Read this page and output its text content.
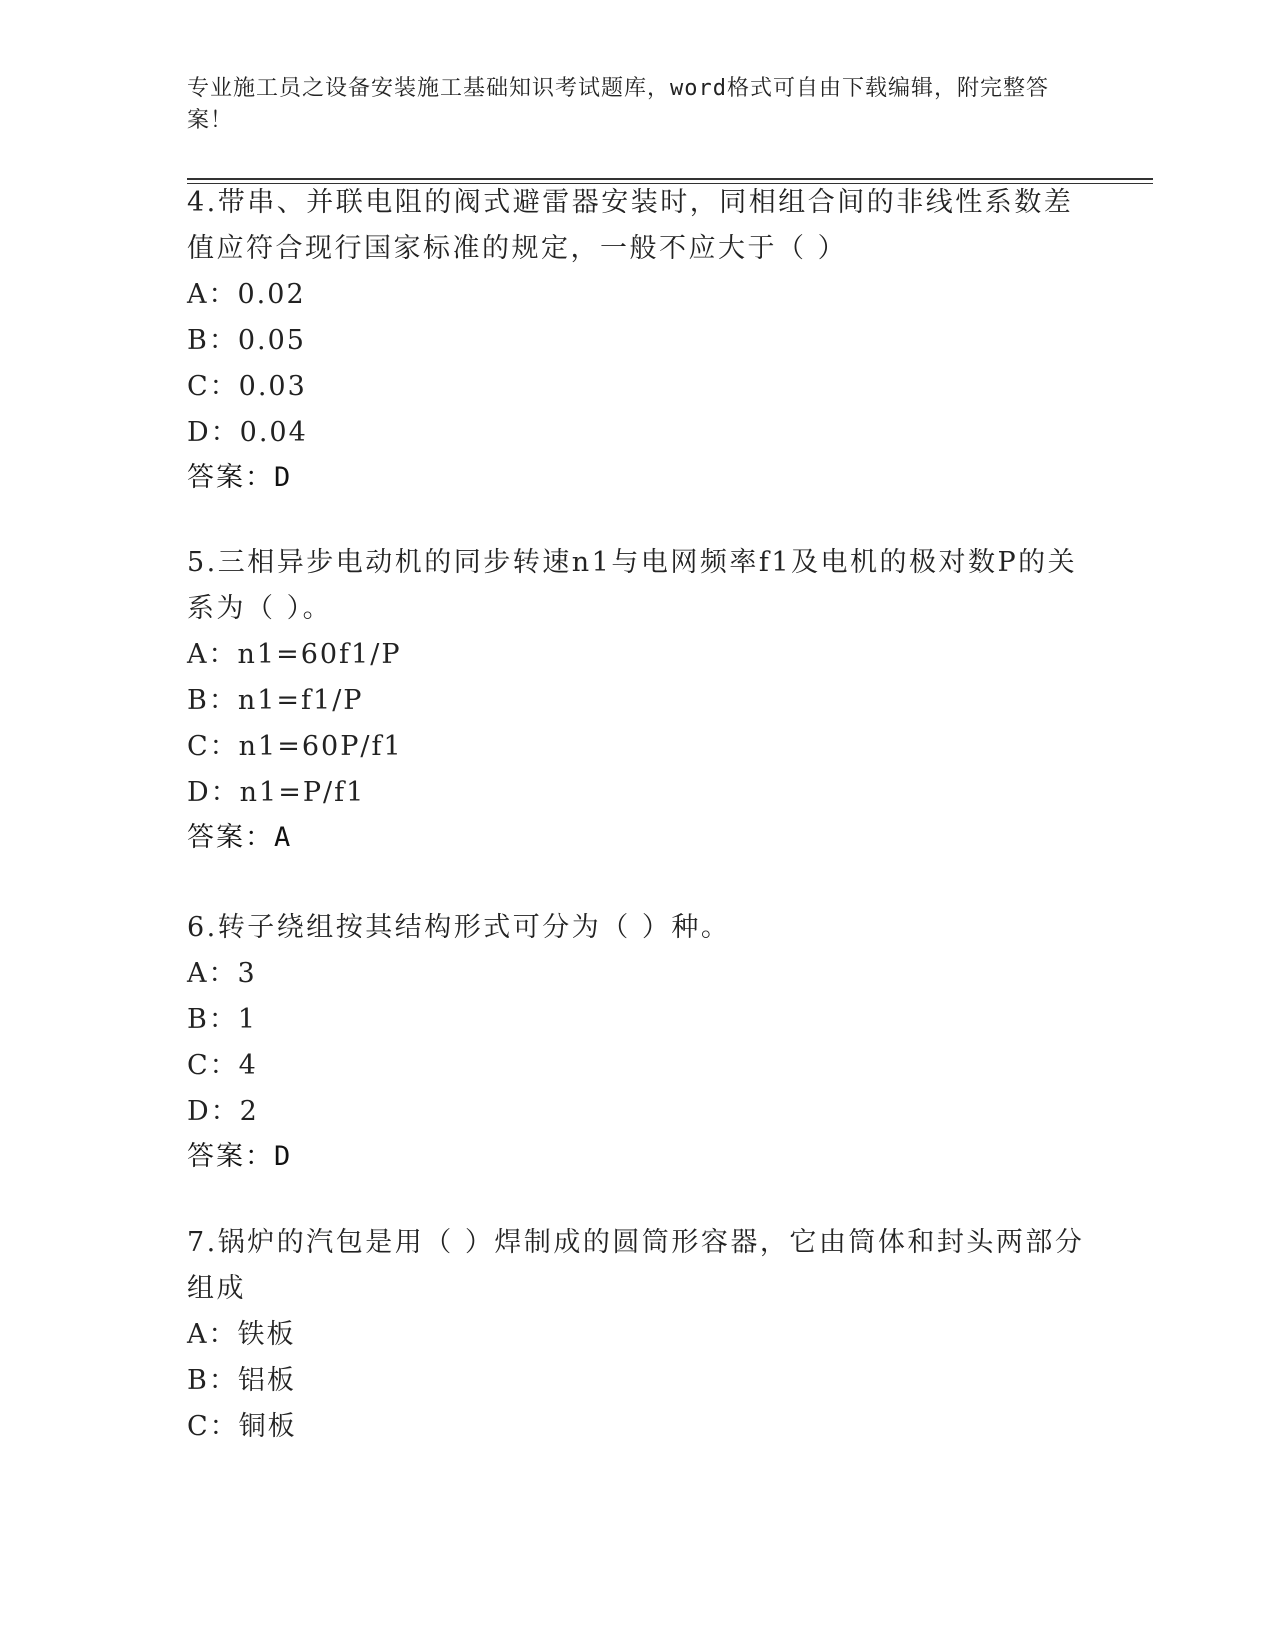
专业施工员之设备安装施工基础知识考试题库，word格式可自由下载编辑，附完整答案！

4.带串、并联电阻的阀式避雷器安装时，同相组合间的非线性系数差值应符合现行国家标准的规定，一般不应大于（ ）

A：0.02
B：0.05
C：0.03
D：0.04

答案：D

5.三相异步电动机的同步转速n1与电网频率f1及电机的极对数P的关系为（ ）。

A：n1=60f1/P
B：n1=f1/P
C：n1=60P/f1
D：n1=P/f1

答案：A

6.转子绕组按其结构形式可分为（ ）种。

A：3
B：1
C：4
D：2

答案：D

7.锅炉的汽包是用（ ）焊制成的圆筒形容器，它由筒体和封头两部分组成

A：铁板
B：铝板
C：铜板
